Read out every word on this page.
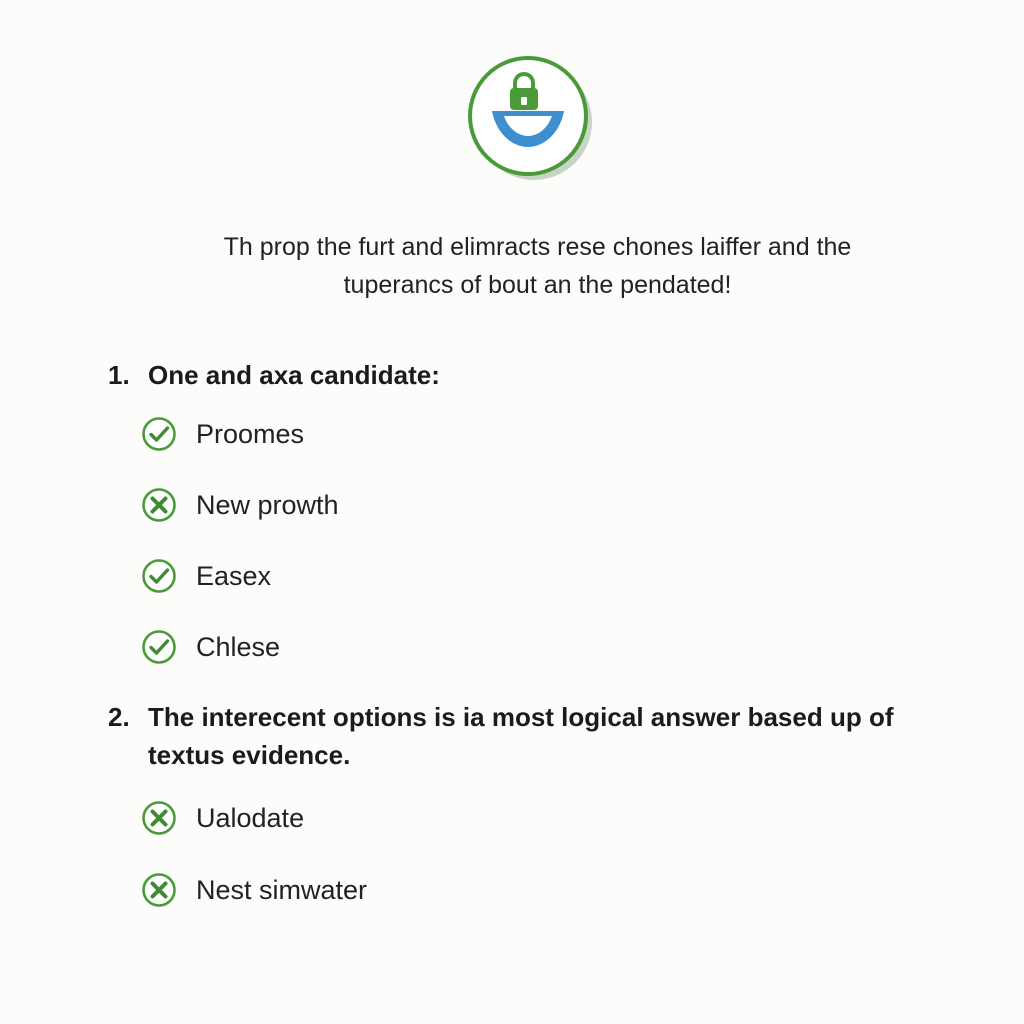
Th prop the furt and elimracts rese chones laiffer and the
tuperancs of bout an the pendated!
1. One and axa candidate:
Proomes
New prowth
Easex
Chlese
2. The interecent options is ia most logical answer based up of
textus evidence.
Ualodate
Nest simwater
